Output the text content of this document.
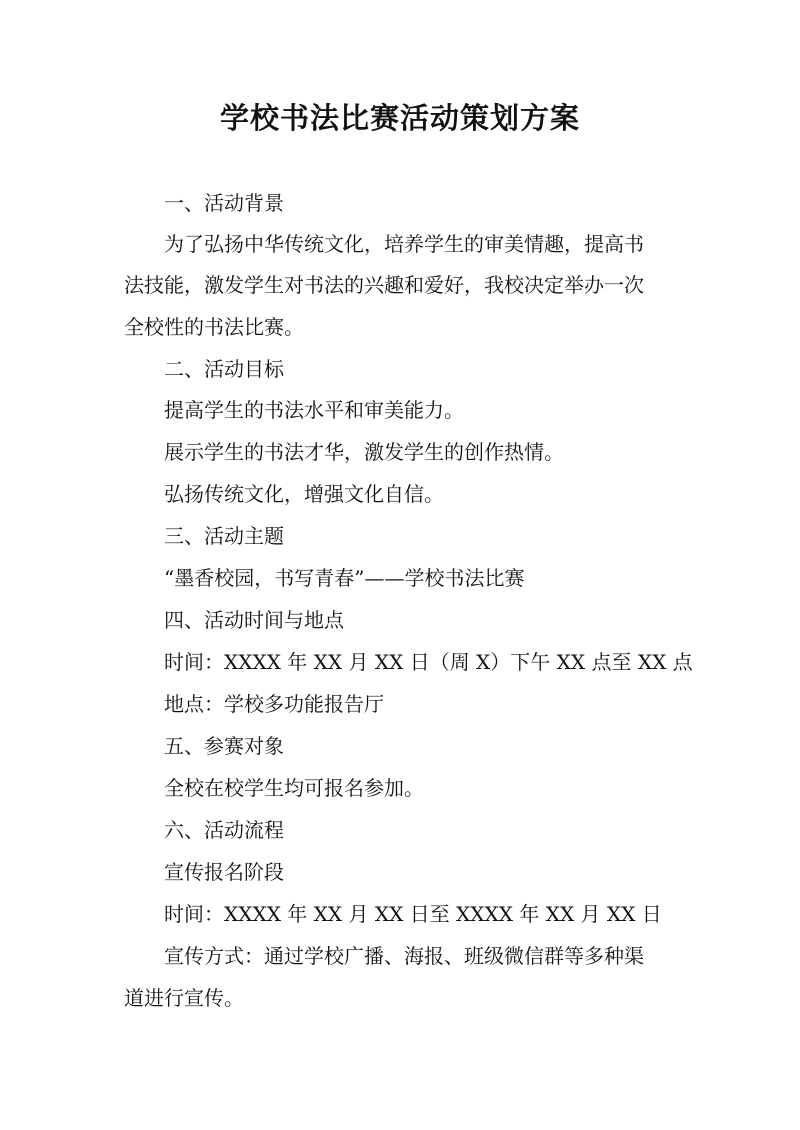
学校书法比赛活动策划方案
一、活动背景
为了弘扬中华传统文化，培养学生的审美情趣，提高书
法技能，激发学生对书法的兴趣和爱好，我校决定举办一次
全校性的书法比赛。
二、活动目标
提高学生的书法水平和审美能力。
展示学生的书法才华，激发学生的创作热情。
弘扬传统文化，增强文化自信。
三、活动主题
“墨香校园，书写青春”——学校书法比赛
四、活动时间与地点
时间：XXXX 年 XX 月 XX 日（周 X）下午 XX 点至 XX 点
地点：学校多功能报告厅
五、参赛对象
全校在校学生均可报名参加。
六、活动流程
宣传报名阶段
时间：XXXX 年 XX 月 XX 日至 XXXX 年 XX 月 XX 日
宣传方式：通过学校广播、海报、班级微信群等多种渠
道进行宣传。
